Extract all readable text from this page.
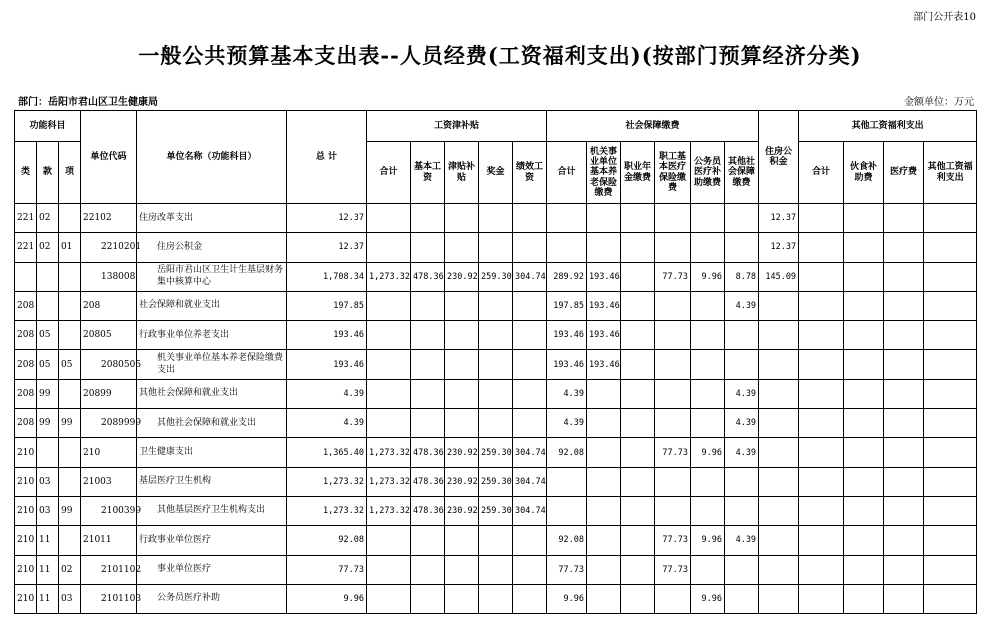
部门公开表10
一般公共预算基本支出表--人员经费(工资福利支出)(按部门预算经济分类)
部门：岳阳市君山区卫生健康局	金额单位：万元
功能科目			单位代码	单位名称（功能科目）	总 计	工资津补贴					社会保障缴费						住房公积金	其他工资福利支出			
类	款	项				合计	基本工资	津贴补贴	奖金	绩效工资	合计	机关事业单位基本养老保险缴费	职业年金缴费	职工基本医疗保险缴费	公务员医疗补助缴费	其他社会保障缴费		合计	伙食补助费	医疗费	其他工资福利支出
221	02		22102	住房改革支出	12.37												12.37				
221	02	01	2210201	住房公积金	12.37												12.37				
			138008	岳阳市君山区卫生计生基层财务集中核算中心	1,708.34	1,273.32	478.36	230.92	259.30	304.74	289.92	193.46		77.73	9.96	8.78	145.09				
208			208	社会保障和就业支出	197.85						197.85	193.46				4.39					
208	05		20805	行政事业单位养老支出	193.46						193.46	193.46									
208	05	05	2080505	机关事业单位基本养老保险缴费支出	193.46						193.46	193.46									
208	99		20899	其他社会保障和就业支出	4.39						4.39					4.39					
208	99	99	2089999	其他社会保障和就业支出	4.39						4.39					4.39					
210			210	卫生健康支出	1,365.40	1,273.32	478.36	230.92	259.30	304.74	92.08			77.73	9.96	4.39					
210	03		21003	基层医疗卫生机构	1,273.32	1,273.32	478.36	230.92	259.30	304.74											
210	03	99	2100399	其他基层医疗卫生机构支出	1,273.32	1,273.32	478.36	230.92	259.30	304.74											
210	11		21011	行政事业单位医疗	92.08						92.08			77.73	9.96	4.39					
210	11	02	2101102	事业单位医疗	77.73						77.73			77.73							
210	11	03	2101103	公务员医疗补助	9.96						9.96				9.96						
